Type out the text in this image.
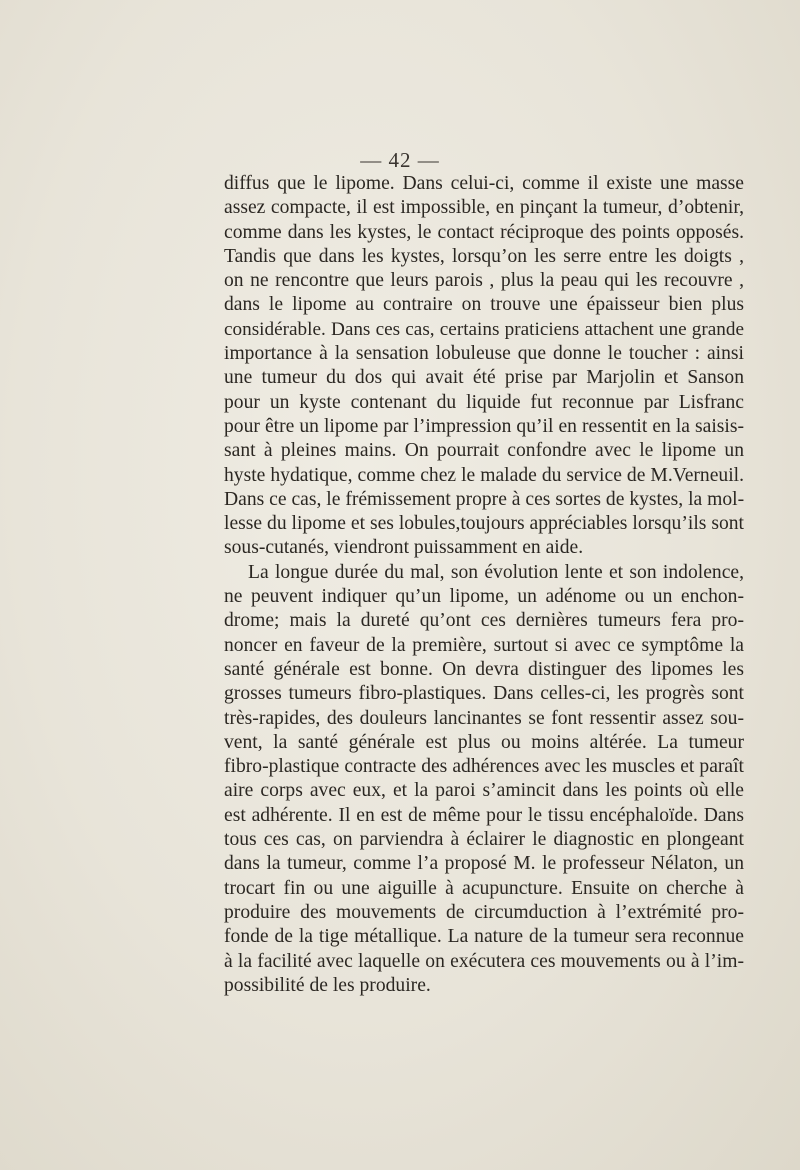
— 42 —
diffus que le lipome. Dans celui-ci, comme il existe une masse
assez compacte, il est impossible, en pinçant la tumeur, d’obtenir,
comme dans les kystes, le contact réciproque des points opposés.
Tandis que dans les kystes, lorsqu’on les serre entre les doigts ,
on ne rencontre que leurs parois , plus la peau qui les recouvre ,
dans le lipome au contraire on trouve une épaisseur bien plus
considérable. Dans ces cas, certains praticiens attachent une grande
importance à la sensation lobuleuse que donne le toucher : ainsi
une tumeur du dos qui avait été prise par Marjolin et Sanson
pour un kyste contenant du liquide fut reconnue par Lisfranc
pour être un lipome par l’impression qu’il en ressentit en la saisis-
sant à pleines mains. On pourrait confondre avec le lipome un
hyste hydatique, comme chez le malade du service de M.Verneuil.
Dans ce cas, le frémissement propre à ces sortes de kystes, la mol-
lesse du lipome et ses lobules,toujours appréciables lorsqu’ils sont
sous-cutanés, viendront puissamment en aide.
La longue durée du mal, son évolution lente et son indolence,
ne peuvent indiquer qu’un lipome, un adénome ou un enchon-
drome; mais la dureté qu’ont ces dernières tumeurs fera pro-
noncer en faveur de la première, surtout si avec ce symptôme la
santé générale est bonne. On devra distinguer des lipomes les
grosses tumeurs fibro-plastiques. Dans celles-ci, les progrès sont
très-rapides, des douleurs lancinantes se font ressentir assez sou-
vent, la santé générale est plus ou moins altérée. La tumeur
fibro-plastique contracte des adhérences avec les muscles et paraît
aire corps avec eux, et la paroi s’amincit dans les points où elle
est adhérente. Il en est de même pour le tissu encéphaloïde. Dans
tous ces cas, on parviendra à éclairer le diagnostic en plongeant
dans la tumeur, comme l’a proposé M. le professeur Nélaton, un
trocart fin ou une aiguille à acupuncture. Ensuite on cherche à
produire des mouvements de circumduction à l’extrémité pro-
fonde de la tige métallique. La nature de la tumeur sera reconnue
à la facilité avec laquelle on exécutera ces mouvements ou à l’im-
possibilité de les produire.
